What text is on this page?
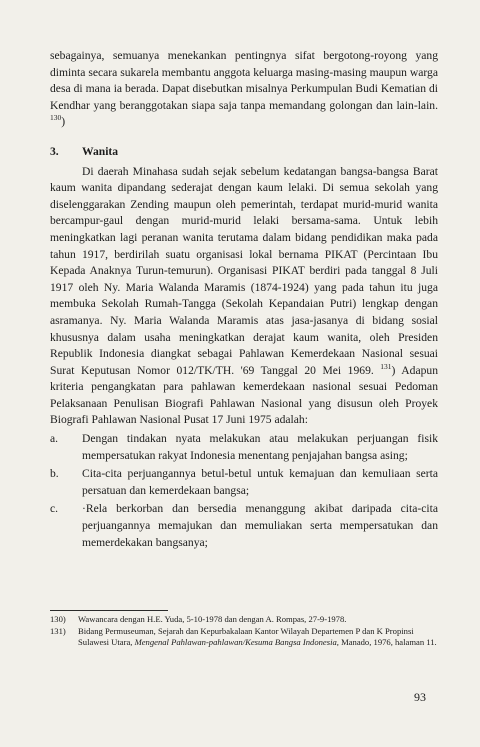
sebagainya, semuanya menekankan pentingnya sifat bergotong-royong yang diminta secara sukarela membantu anggota keluarga masing-masing maupun warga desa di mana ia berada. Dapat disebutkan misalnya Perkumpulan Budi Kematian di Kendhar yang beranggotakan siapa saja tanpa memandang golongan dan lain-lain. $^{130}$)

3.	Wanita

Di daerah Minahasa sudah sejak sebelum kedatangan bangsa-bangsa Barat kaum wanita dipandang sederajat dengan kaum lelaki. Di semua sekolah yang diselenggarakan Zending maupun oleh pemerintah, terdapat murid-murid wanita bercampur-gaul dengan murid-murid lelaki bersama-sama. Untuk lebih meningkatkan lagi peranan wanita terutama dalam bidang pendidikan maka pada tahun 1917, berdirilah suatu organisasi lokal bernama PIKAT (Percintaan Ibu Kepada Anaknya Turun-temurun). Organisasi PIKAT berdiri pada tanggal 8 Juli 1917 oleh Ny. Maria Walanda Maramis (1874-1924) yang pada tahun itu juga membuka Sekolah Rumah-Tangga (Sekolah Kepandaian Putri) lengkap dengan asramanya. Ny. Maria Walanda Maramis atas jasa-jasanya di bidang sosial khususnya dalam usaha meningkatkan derajat kaum wanita, oleh Presiden Republik Indonesia diangkat sebagai Pahlawan Kemerdekaan Nasional sesuai Surat Keputusan Nomor 012/TK/TH. '69 Tanggal 20 Mei 1969. $^{131}$) Adapun kriteria pengangkatan para pahlawan kemerdekaan nasional sesuai Pedoman Pelaksanaan Penulisan Biografi Pahlawan Nasional yang disusun oleh Proyek Biografi Pahlawan Nasional Pusat 17 Juni 1975 adalah:

a.	Dengan tindakan nyata melakukan atau melakukan perjuangan fisik mempersatukan rakyat Indonesia menentang penjajahan bangsa asing;
b.	Cita-cita perjuangannya betul-betul untuk kemajuan dan kemuliaan serta persatuan dan kemerdekaan bangsa;
c.	·Rela berkorban dan bersedia menanggung akibat daripada cita-cita perjuangannya memajukan dan memuliakan serta mempersatukan dan memerdekakan bangsanya;
130)	Wawancara dengan H.E. Yuda, 5-10-1978 dan dengan A. Rompas, 27-9-1978.
131)	Bidang Permuseuman, Sejarah dan Kepurbakalaan Kantor Wilayah Departemen P dan K Propinsi Sulawesi Utara, Mengenal Pahlawan-pahlawan/Kesuma Bangsa Indonesia, Manado, 1976, halaman 11.
93
